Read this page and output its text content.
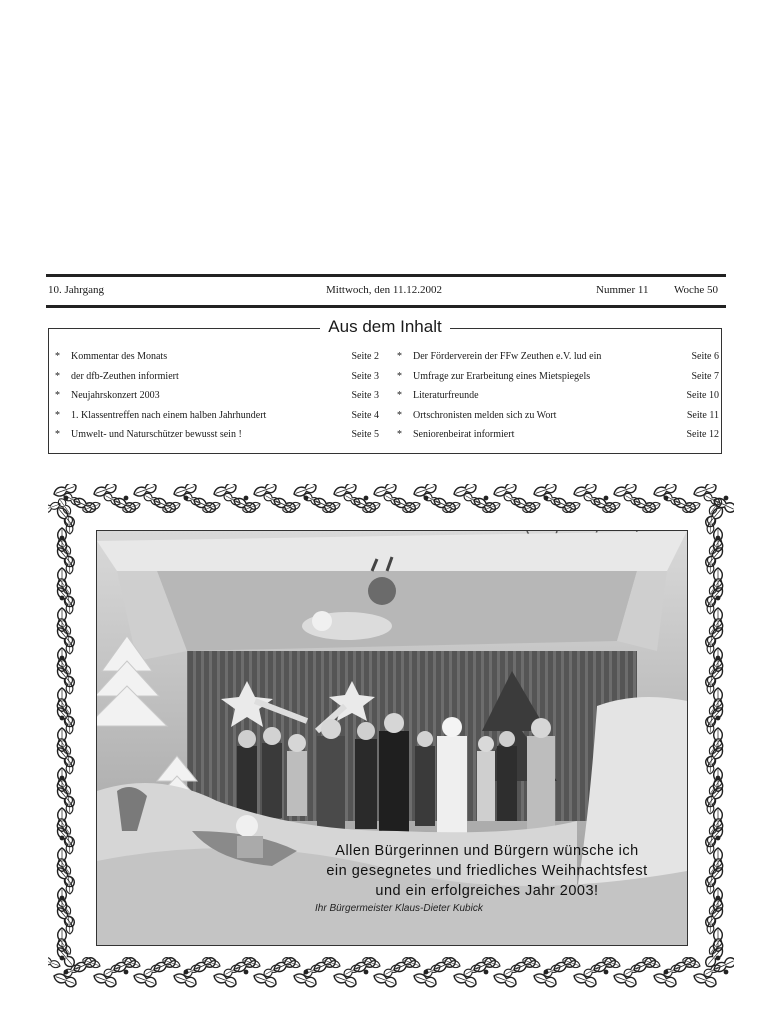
10. Jahrgang	Mittwoch, den 11.12.2002	Nummer 11 Woche 50
Aus dem Inhalt
* Kommentar des Monats	Seite 2
* der dfb-Zeuthen informiert	Seite 3
* Neujahrskonzert 2003	Seite 3
* 1. Klassentreffen nach einem halben Jahrhundert	Seite 4
* Umwelt- und Naturschützer bewusst sein !	Seite 5
* Der Förderverein der FFw Zeuthen e.V. lud ein	Seite 6
* Umfrage zur Erarbeitung eines Mietspiegels	Seite 7
* Literaturfreunde	Seite 10
* Ortschronisten melden sich zu Wort	Seite 11
* Seniorenbeirat informiert	Seite 12
Allen Bürgerinnen und Bürgern wünsche ich
ein gesegnetes und friedliches Weihnachtsfest
und ein erfolgreiches Jahr 2003!
Ihr Bürgermeister Klaus-Dieter Kubick
